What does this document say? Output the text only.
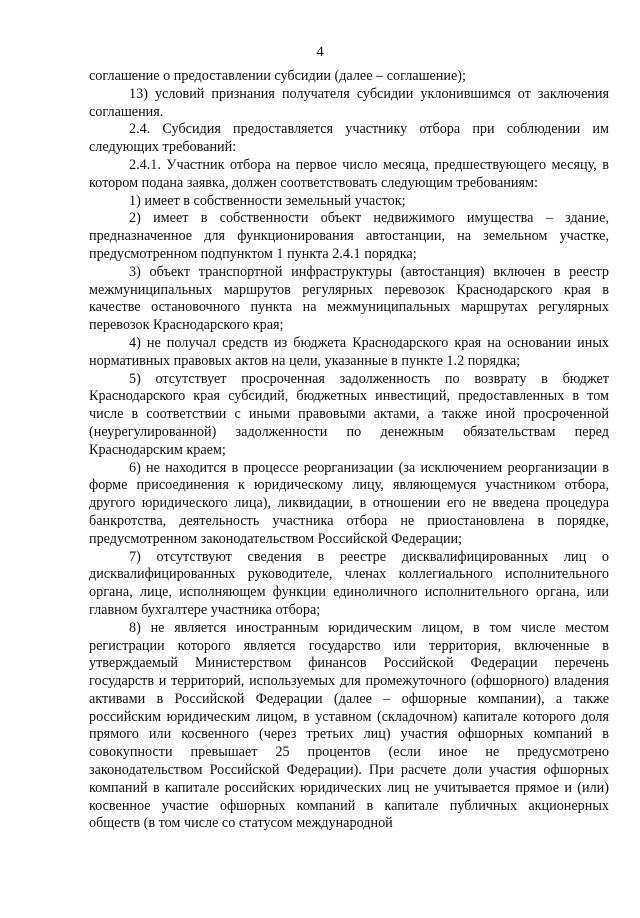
4

соглашение о предоставлении субсидии (далее – соглашение);

13) условий признания получателя субсидии уклонившимся от заключения соглашения.

2.4. Субсидия предоставляется участнику отбора при соблюдении им следующих требований:

2.4.1. Участник отбора на первое число месяца, предшествующего месяцу, в котором подана заявка, должен соответствовать следующим требованиям:

1) имеет в собственности земельный участок;

2) имеет в собственности объект недвижимого имущества – здание, предназначенное для функционирования автостанции, на земельном участке, предусмотренном подпунктом 1 пункта 2.4.1 порядка;

3) объект транспортной инфраструктуры (автостанция) включен в реестр межмуниципальных маршрутов регулярных перевозок Краснодарского края в качестве остановочного пункта на межмуниципальных маршрутах регулярных перевозок Краснодарского края;

4) не получал средств из бюджета Краснодарского края на основании иных нормативных правовых актов на цели, указанные в пункте 1.2 порядка;

5) отсутствует просроченная задолженность по возврату в бюджет Краснодарского края субсидий, бюджетных инвестиций, предоставленных в том числе в соответствии с иными правовыми актами, а также иной просроченной (неурегулированной) задолженности по денежным обязательствам перед Краснодарским краем;

6) не находится в процессе реорганизации (за исключением реорганизации в форме присоединения к юридическому лицу, являющемуся участником отбора, другого юридического лица), ликвидации, в отношении его не введена процедура банкротства, деятельность участника отбора не приостановлена в порядке, предусмотренном законодательством Российской Федерации;

7) отсутствуют сведения в реестре дисквалифицированных лиц о дисквалифицированных руководителе, членах коллегиального исполнительного органа, лице, исполняющем функции единоличного исполнительного органа, или главном бухгалтере участника отбора;

8) не является иностранным юридическим лицом, в том числе местом регистрации которого является государство или территория, включенные в утверждаемый Министерством финансов Российской Федерации перечень государств и территорий, используемых для промежуточного (офшорного) владения активами в Российской Федерации (далее – офшорные компании), а также российским юридическим лицом, в уставном (складочном) капитале которого доля прямого или косвенного (через третьих лиц) участия офшорных компаний в совокупности превышает 25 процентов (если иное не предусмотрено законодательством Российской Федерации). При расчете доли участия офшорных компаний в капитале российских юридических лиц не учитывается прямое и (или) косвенное участие офшорных компаний в капитале публичных акционерных обществ (в том числе со статусом международной
